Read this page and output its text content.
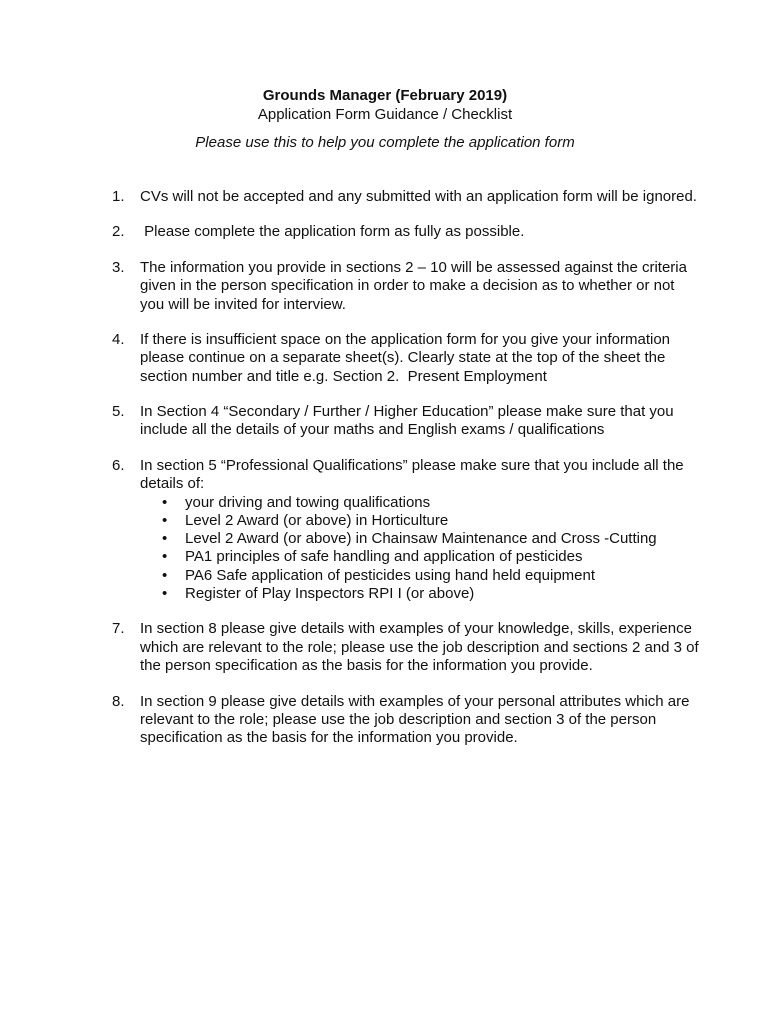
Grounds Manager (February 2019)
Application Form Guidance / Checklist
Please use this to help you complete the application form
1. CVs will not be accepted and any submitted with an application form will be ignored.
2. Please complete the application form as fully as possible.
3. The information you provide in sections 2 – 10 will be assessed against the criteria given in the person specification in order to make a decision as to whether or not you will be invited for interview.
4. If there is insufficient space on the application form for you give your information please continue on a separate sheet(s). Clearly state at the top of the sheet the section number and title e.g. Section 2.  Present Employment
5. In Section 4 “Secondary / Further / Higher Education” please make sure that you include all the details of your maths and English exams / qualifications
6. In section 5 “Professional Qualifications” please make sure that you include all the details of:
• your driving and towing qualifications
• Level 2 Award (or above) in Horticulture
• Level 2 Award (or above) in Chainsaw Maintenance and Cross -Cutting
• PA1 principles of safe handling and application of pesticides
• PA6 Safe application of pesticides using hand held equipment
• Register of Play Inspectors RPI I (or above)
7. In section 8 please give details with examples of your knowledge, skills, experience which are relevant to the role; please use the job description and sections 2 and 3 of the person specification as the basis for the information you provide.
8. In section 9 please give details with examples of your personal attributes which are relevant to the role; please use the job description and section 3 of the person specification as the basis for the information you provide.
